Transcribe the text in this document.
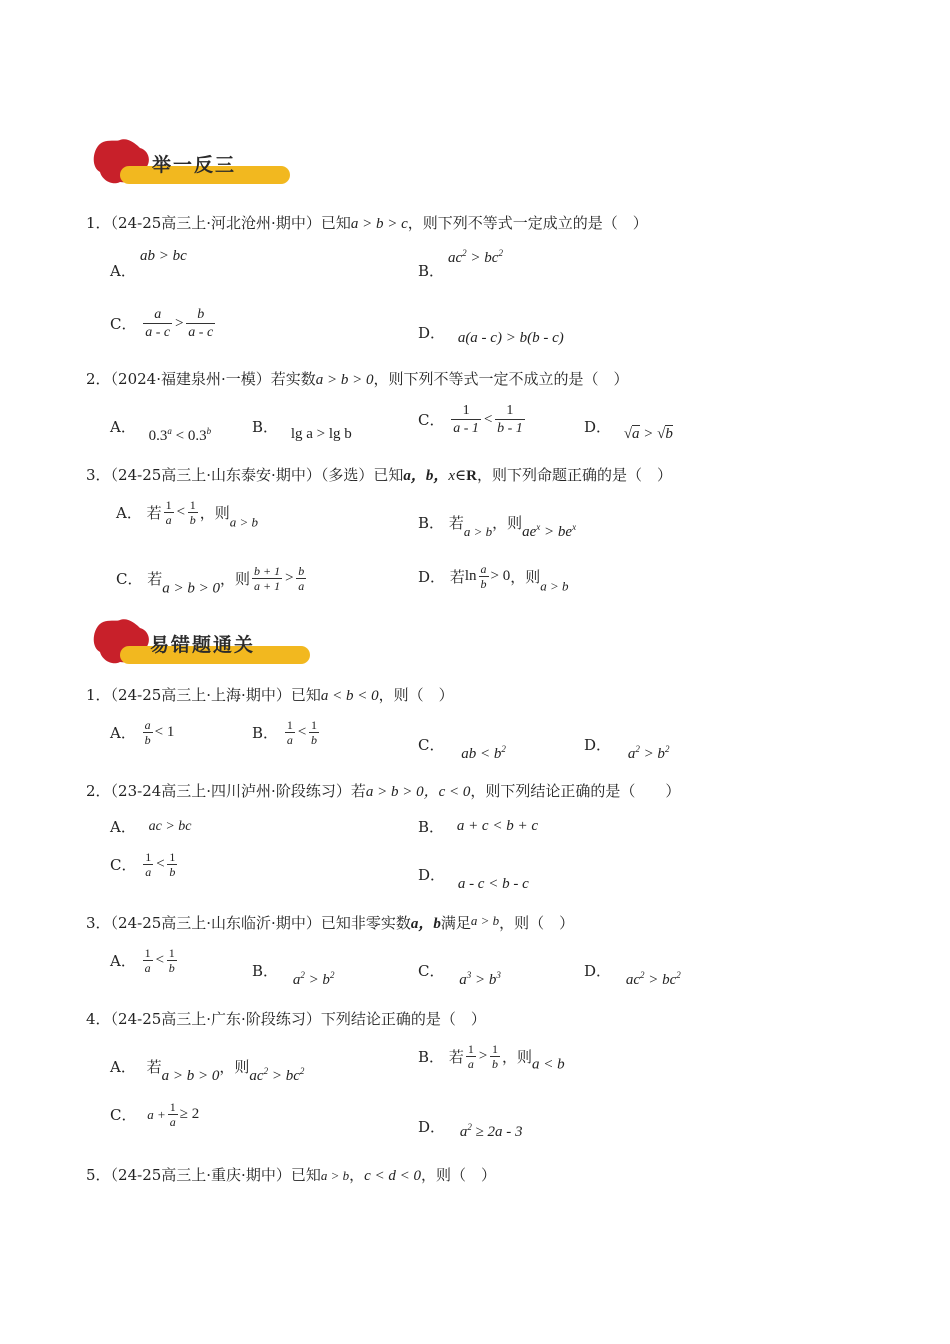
举一反三
1．（24-25高三上·河北沧州·期中）已知a > b > c，则下列不等式一定成立的是（　）
A．
ab > bc
B．
$ac^2 > bc^2$
C． $\frac{a}{a - c} > \frac{b}{a - c}$	D． a(a - c) > b(b - c)
2．（2024·福建泉州·一模）若实数a > b > 0，则下列不等式一定不成立的是（　）
A． 0.3$^a$ < 0.3$^b$	B． lg a > lg b
C． $\frac{1}{a - 1} < \frac{1}{b - 1}$	D． √a > √b
3．（24-25高三上·山东泰安·期中）（多选）已知a，b，x∈R，则下列命题正确的是（　）
A． 若 $\frac{1}{a} < \frac{1}{b}$ ，则a > b	B． 若a > b，则$ae^x > be^x$
C． 若a > b > 0，则 $\frac{b + 1}{a + 1} > \frac{b}{a}$	D． 若$\ln \frac{a}{b} > 0$，则a > b
易错题通关
1．（24-25高三上·上海·期中）已知a < b < 0，则（　）
A． $\frac{a}{b} < 1$	B． $\frac{1}{a} < \frac{1}{b}$	C． ab < $b^2$	D． $a^2 > b^2$
2．（23-24高三上·四川泸州·阶段练习）若a > b > 0，c < 0，则下列结论正确的是（　　）
A． ac > bc	B． a + c < b + c
C． $\frac{1}{a} < \frac{1}{b}$	D． a - c < b - c
3．（24-25高三上·山东临沂·期中）已知非零实数a，b满足a > b，则（　）
A． $\frac{1}{a} < \frac{1}{b}$	B． $a^2 > b^2$	C． $a^3 > b^3$	D． $ac^2 > bc^2$
4．（24-25高三上·广东·阶段练习）下列结论正确的是（　）
A． 若a > b > 0，则$ac^2 > bc^2$
B． 若 $\frac{1}{a} > \frac{1}{b}$ ，则a < b
C． $a + \frac{1}{a} \ge 2$
D． $a^2 \ge 2a - 3$
5．（24-25高三上·重庆·期中）已知a > b，c < d < 0，则（　）
